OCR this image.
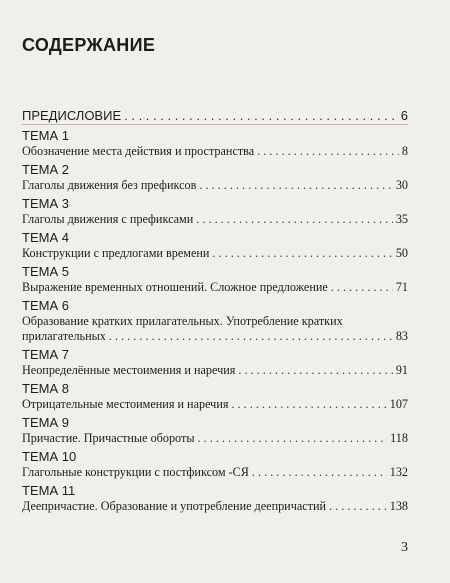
СОДЕРЖАНИЕ
ПРЕДИСЛОВИЕ . . .	6
ТЕМА 1
Обозначение места действия и пространства . . .	8
ТЕМА 2
Глаголы движения без префиксов . . .	30
ТЕМА 3
Глаголы движения с префиксами . . .	35
ТЕМА 4
Конструкции с предлогами времени . . .	50
ТЕМА 5
Выражение временных отношений. Сложное предложение . . .	71
ТЕМА 6
Образование кратких прилагательных. Употребление кратких
прилагательных . . .	83
ТЕМА 7
Неопределённые местоимения и наречия . . .	91
ТЕМА 8
Отрицательные местоимения и наречия . . .	107
ТЕМА 9
Причастие. Причастные обороты . . .	118
ТЕМА 10
Глагольные конструкции с постфиксом -СЯ . . .	132
ТЕМА 11
Деепричастие. Образование и употребление деепричастий . . .	138
3
